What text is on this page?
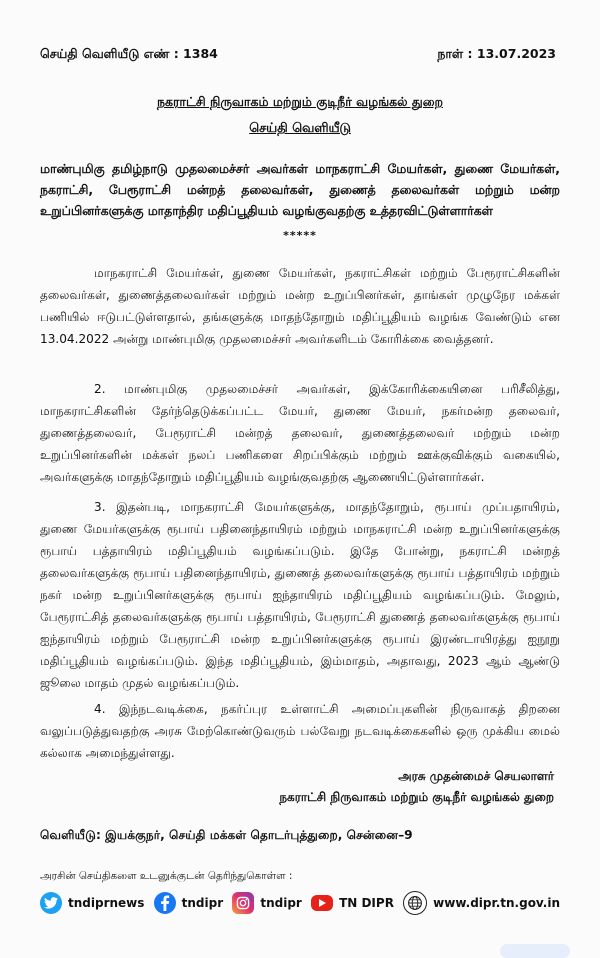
செய்தி வெளியீடு எண் : 1384	நாள் : 13.07.2023
நகராட்சி நிருவாகம் மற்றும் குடிநீர் வழங்கல் துறை
செய்தி வெளியீடு
மாண்புமிகு தமிழ்நாடு முதலமைச்சர் அவர்கள் மாநகராட்சி மேயர்கள், துணை மேயர்கள், நகராட்சி, பேரூராட்சி மன்றத் தலைவர்கள், துணைத் தலைவர்கள் மற்றும் மன்ற உறுப்பினர்களுக்கு மாதாந்திர மதிப்பூதியம் வழங்குவதற்கு உத்தரவிட்டுள்ளார்கள்
*****

மாநகராட்சி மேயர்கள், துணை மேயர்கள், நகராட்சிகள் மற்றும் பேரூராட்சிகளின் தலைவர்கள், துணைத்தலைவர்கள் மற்றும் மன்ற உறுப்பினர்கள், தாங்கள் முழுநேர மக்கள் பணியில் ஈடுபட்டுள்ளதால், தங்களுக்கு மாதந்தோறும் மதிப்பூதியம் வழங்க வேண்டும் என 13.04.2022 அன்று மாண்புமிகு முதலமைச்சர் அவர்களிடம் கோரிக்கை வைத்தனர்.

2. மாண்புமிகு முதலமைச்சர் அவர்கள், இக்கோரிக்கையினை பரிசீலித்து, மாநகராட்சிகளின் தேர்ந்தெடுக்கப்பட்ட மேயர், துணை மேயர், நகர்மன்ற தலைவர், துணைத்தலைவர், பேரூராட்சி மன்றத் தலைவர், துணைத்தலைவர் மற்றும் மன்ற உறுப்பினர்களின் மக்கள் நலப் பணிகளை சிறப்பிக்கும் மற்றும் ஊக்குவிக்கும் வகையில், அவர்களுக்கு மாதந்தோறும் மதிப்பூதியம் வழங்குவதற்கு ஆணையிட்டுள்ளார்கள்.

3. இதன்படி, மாநகராட்சி மேயர்களுக்கு, மாதந்தோறும், ரூபாய் முப்பதாயிரம், துணை மேயர்களுக்கு ரூபாய் பதினைந்தாயிரம் மற்றும் மாநகராட்சி மன்ற உறுப்பினர்களுக்கு ரூபாய் பத்தாயிரம் மதிப்பூதியம் வழங்கப்படும். இதே போன்று, நகராட்சி மன்றத் தலைவர்களுக்கு ரூபாய் பதினைந்தாயிரம், துணைத் தலைவர்களுக்கு ரூபாய் பத்தாயிரம் மற்றும் நகர் மன்ற உறுப்பினர்களுக்கு ரூபாய் ஐந்தாயிரம் மதிப்பூதியம் வழங்கப்படும். மேலும், பேரூராட்சித் தலைவர்களுக்கு ரூபாய் பத்தாயிரம், பேரூராட்சி துணைத் தலைவர்களுக்கு ரூபாய் ஐந்தாயிரம் மற்றும் பேரூராட்சி மன்ற உறுப்பினர்களுக்கு ரூபாய் இரண்டாயிரத்து ஐநூறு மதிப்பூதியம் வழங்கப்படும். இந்த மதிப்பூதியம், இம்மாதம், அதாவது, 2023 ஆம் ஆண்டு ஜூலை மாதம் முதல் வழங்கப்படும்.

4. இந்நடவடிக்கை, நகர்ப்புர உள்ளாட்சி அமைப்புகளின் நிருவாகத் திறனை வலுப்படுத்துவதற்கு அரசு மேற்கொண்டுவரும் பல்வேறு நடவடிக்கைகளில் ஒரு முக்கிய மைல் கல்லாக அமைந்துள்ளது.

அரசு முதன்மைச் செயலாளர்
நகராட்சி நிருவாகம் மற்றும் குடிநீர் வழங்கல் துறை
வெளியீடு: இயக்குநர், செய்தி மக்கள் தொடர்புத்துறை, சென்னை–9
அரசின் செய்திகளை உடனுக்குடன் தெரிந்துகொள்ள :
tndiprnews	tndipr	tndipr	TN DIPR	www.dipr.tn.gov.in
